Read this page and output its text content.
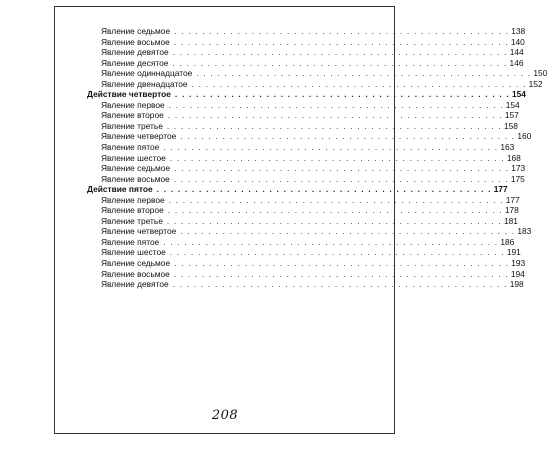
Явление седьмое . . . . . . . . . . . . . . . . . . . . . . . . . . . . . . . . . . . . . . . . . . . . . . . . 138
Явление восьмое . . . . . . . . . . . . . . . . . . . . . . . . . . . . . . . . . . . . . . . . . . . . . . . . 140
Явление девятое . . . . . . . . . . . . . . . . . . . . . . . . . . . . . . . . . . . . . . . . . . . . . . . . 144
Явление десятое . . . . . . . . . . . . . . . . . . . . . . . . . . . . . . . . . . . . . . . . . . . . . . . . 146
Явление одиннадцатое . . . . . . . . . . . . . . . . . . . . . . . . . . . . . . . . . . . . . . . . . . . . . . . . 150
Явление двенадцатое . . . . . . . . . . . . . . . . . . . . . . . . . . . . . . . . . . . . . . . . . . . . . . . . 152
Действие четвертое . . . . . . . . . . . . . . . . . . . . . . . . . . . . . . . . . . . . . . . . . . . . . . . . 154
Явление первое . . . . . . . . . . . . . . . . . . . . . . . . . . . . . . . . . . . . . . . . . . . . . . . . 154
Явление второе . . . . . . . . . . . . . . . . . . . . . . . . . . . . . . . . . . . . . . . . . . . . . . . . 157
Явление третье . . . . . . . . . . . . . . . . . . . . . . . . . . . . . . . . . . . . . . . . . . . . . . . . 158
Явление четвертое . . . . . . . . . . . . . . . . . . . . . . . . . . . . . . . . . . . . . . . . . . . . . . . . 160
Явление пятое . . . . . . . . . . . . . . . . . . . . . . . . . . . . . . . . . . . . . . . . . . . . . . . . 163
Явление шестое . . . . . . . . . . . . . . . . . . . . . . . . . . . . . . . . . . . . . . . . . . . . . . . . 168
Явление седьмое . . . . . . . . . . . . . . . . . . . . . . . . . . . . . . . . . . . . . . . . . . . . . . . . 173
Явление восьмое . . . . . . . . . . . . . . . . . . . . . . . . . . . . . . . . . . . . . . . . . . . . . . . . 175
Действие пятое . . . . . . . . . . . . . . . . . . . . . . . . . . . . . . . . . . . . . . . . . . . . . . . . 177
Явление первое . . . . . . . . . . . . . . . . . . . . . . . . . . . . . . . . . . . . . . . . . . . . . . . . 177
Явление второе . . . . . . . . . . . . . . . . . . . . . . . . . . . . . . . . . . . . . . . . . . . . . . . . 178
Явление третье . . . . . . . . . . . . . . . . . . . . . . . . . . . . . . . . . . . . . . . . . . . . . . . . 181
Явление четвертое . . . . . . . . . . . . . . . . . . . . . . . . . . . . . . . . . . . . . . . . . . . . . . . . 183
Явление пятое . . . . . . . . . . . . . . . . . . . . . . . . . . . . . . . . . . . . . . . . . . . . . . . . 186
Явление шестое . . . . . . . . . . . . . . . . . . . . . . . . . . . . . . . . . . . . . . . . . . . . . . . . 191
Явление седьмое . . . . . . . . . . . . . . . . . . . . . . . . . . . . . . . . . . . . . . . . . . . . . . . . 193
Явление восьмое . . . . . . . . . . . . . . . . . . . . . . . . . . . . . . . . . . . . . . . . . . . . . . . . 194
Явление девятое . . . . . . . . . . . . . . . . . . . . . . . . . . . . . . . . . . . . . . . . . . . . . . . . 198
208
